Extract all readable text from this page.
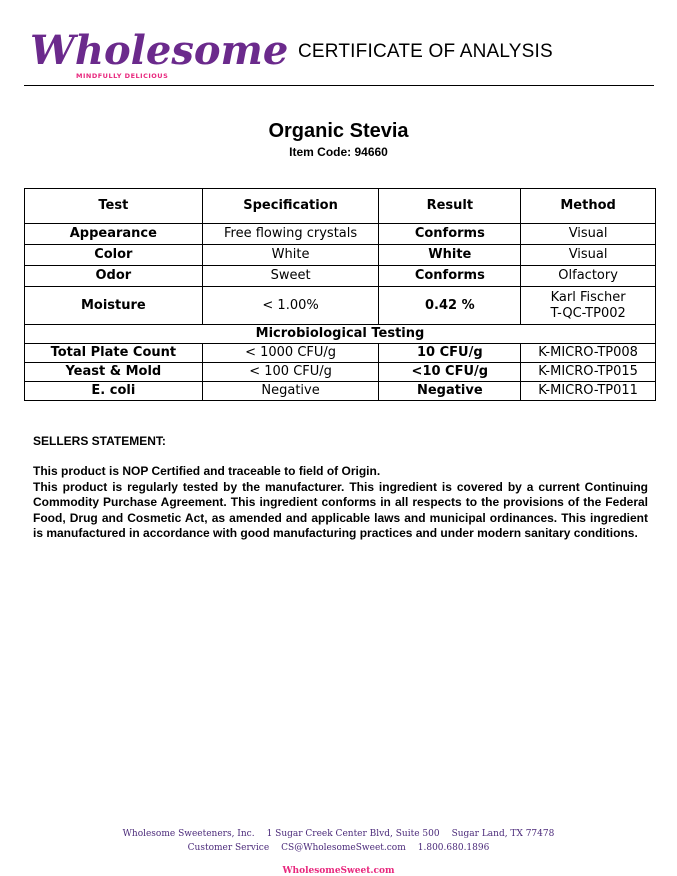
Wholesome
MINDFULLY DELICIOUS
CERTIFICATE OF ANALYSIS
Organic Stevia
Item Code: 94660
Test	Specification	Result	Method
Appearance	Free flowing crystals	Conforms	Visual
Color	White	White	Visual
Odor	Sweet	Conforms	Olfactory
Moisture	< 1.00%	0.42 %	Karl Fischer
T-QC-TP002

Microbiological Testing			
Total Plate Count	< 1000 CFU/g	10 CFU/g	K-MICRO-TP008
Yeast & Mold	< 100 CFU/g	<10 CFU/g	K-MICRO-TP015
E. coli	Negative	Negative	K-MICRO-TP011
SELLERS STATEMENT:

This product is NOP Certified and traceable to field of Origin.

This product is regularly tested by the manufacturer. This ingredient is covered by a current Continuing Commodity Purchase Agreement. This ingredient conforms in all respects to the provisions of the Federal Food, Drug and Cosmetic Act, as amended and applicable laws and municipal ordinances. This ingredient is manufactured in accordance with good manufacturing practices and under modern sanitary conditions.

Wholesome Sweeteners, Inc. 1 Sugar Creek Center Blvd, Suite 500 Sugar Land, TX 77478
Customer Service CS@WholesomeSweet.com 1.800.680.1896
WholesomeSweet.com
